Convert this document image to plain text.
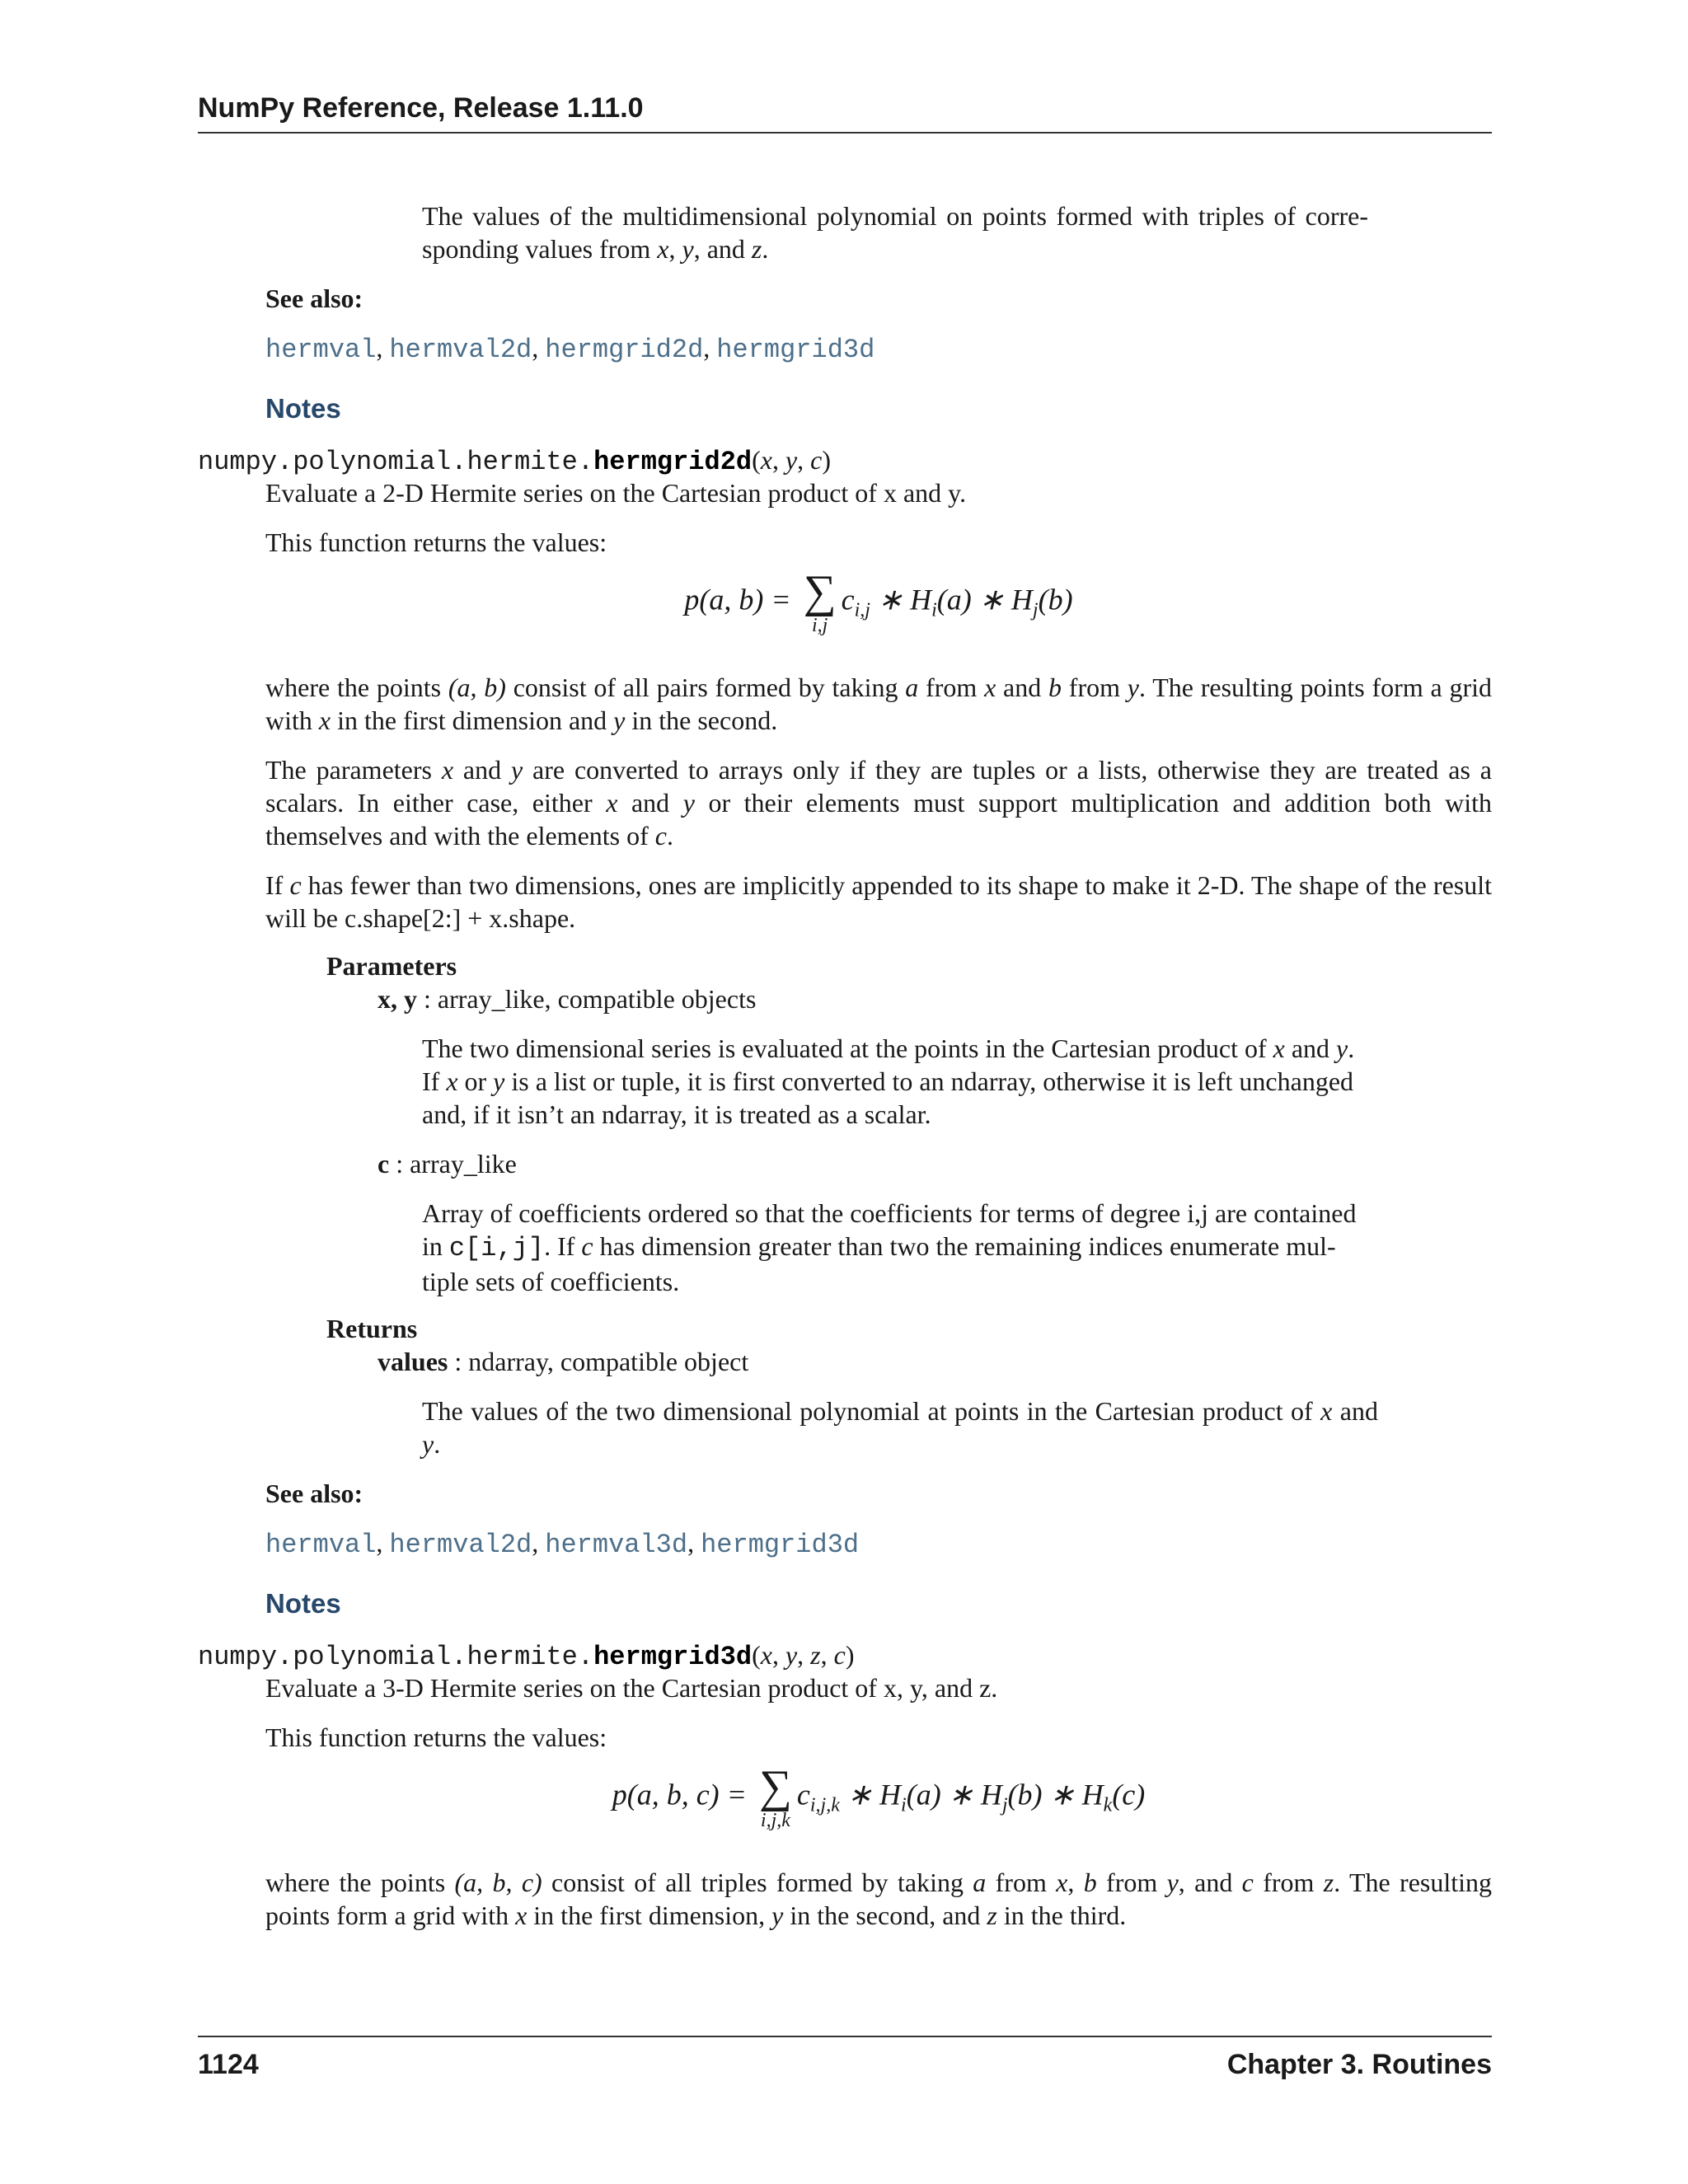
NumPy Reference, Release 1.11.0
The values of the multidimensional polynomial on points formed with triples of corre-sponding values from x, y, and z.
See also:
hermval, hermval2d, hermgrid2d, hermgrid3d
Notes
numpy.polynomial.hermite.hermgrid2d(x, y, c)
Evaluate a 2-D Hermite series on the Cartesian product of x and y.
This function returns the values:
p(a, b) = ∑
i,j
$c_{i,j}$ ∗ $H_i(a)$ ∗ $H_j(b)$
where the points (a, b) consist of all pairs formed by taking a from x and b from y. The resulting points form a grid with x in the first dimension and y in the second.
The parameters x and y are converted to arrays only if they are tuples or a lists, otherwise they are treated as a scalars. In either case, either x and y or their elements must support multiplication and addition both with themselves and with the elements of c.
If c has fewer than two dimensions, ones are implicitly appended to its shape to make it 2-D. The shape of the result will be c.shape[2:] + x.shape.
Parameters
x, y : array_like, compatible objects
The two dimensional series is evaluated at the points in the Cartesian product of x and y. If x or y is a list or tuple, it is first converted to an ndarray, otherwise it is left unchanged and, if it isn’t an ndarray, it is treated as a scalar.
c : array_like
Array of coefficients ordered so that the coefficients for terms of degree i,j are contained in c[i,j]. If c has dimension greater than two the remaining indices enumerate mul-tiple sets of coefficients.
Returns
values : ndarray, compatible object
The values of the two dimensional polynomial at points in the Cartesian product of x and y.
See also:
hermval, hermval2d, hermval3d, hermgrid3d
Notes
numpy.polynomial.hermite.hermgrid3d(x, y, z, c)
Evaluate a 3-D Hermite series on the Cartesian product of x, y, and z.
This function returns the values:
p(a, b, c) = ∑
i,j,k
$c_{i,j,k}$ ∗ $H_i(a)$ ∗ $H_j(b)$ ∗ $H_k(c)$
where the points (a, b, c) consist of all triples formed by taking a from x, b from y, and c from z. The resulting points form a grid with x in the first dimension, y in the second, and z in the third.
1124	Chapter 3. Routines
